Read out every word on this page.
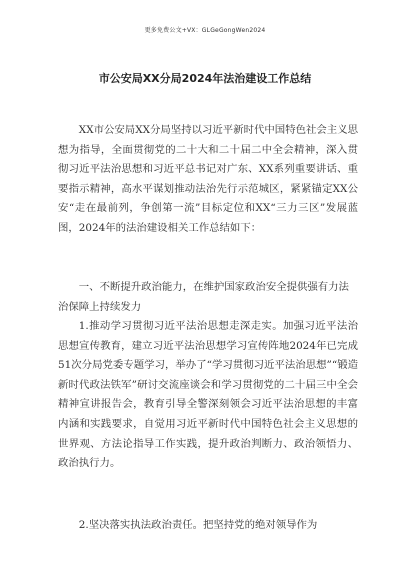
更多免费公文+VX：GLGeGongWen2024
市公安局XX分局2024年法治建设工作总结

XX市公安局XX分局坚持以习近平新时代中国特色社会主义思想为指导，全面贯彻党的二十大和二十届二中全会精神，深入贯彻习近平法治思想和习近平总书记对广东、XX系列重要讲话、重要指示精神，高水平谋划推动法治先行示范城区，紧紧锚定XX公安“走在最前列，争创第一流”目标定位和XX“三力三区”发展蓝图，2024年的法治建设相关工作总结如下：

一、不断提升政治能力，在维护国家政治安全提供强有力法治保障上持续发力

1.推动学习贯彻习近平法治思想走深走实。加强习近平法治思想宣传教育，建立习近平法治思想学习宣传阵地2024年已完成51次分局党委专题学习，举办了“学习贯彻习近平法治思想”“锻造新时代政法铁军”研讨交流座谈会和学习贯彻党的二十届三中全会精神宣讲报告会，教育引导全警深刻领会习近平法治思想的丰富内涵和实践要求，自觉用习近平新时代中国特色社会主义思想的世界观、方法论指导工作实践，提升政治判断力、政治领悟力、政治执行力。

2.坚决落实执法政治责任。把坚持党的绝对领导作为
